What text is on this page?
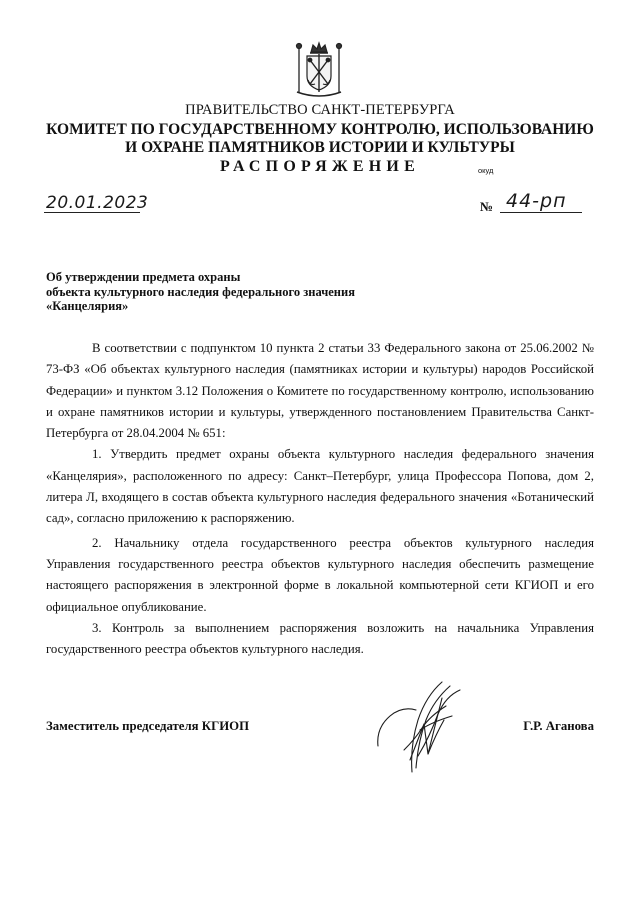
ПРАВИТЕЛЬСТВО САНКТ-ПЕТЕРБУРГА
КОМИТЕТ ПО ГОСУДАРСТВЕННОМУ КОНТРОЛЮ, ИСПОЛЬЗОВАНИЮ
И ОХРАНЕ ПАМЯТНИКОВ ИСТОРИИ И КУЛЬТУРЫ
РАСПОРЯЖЕНИЕ	окуд
20.01.2023	№ 44-рп
Об утверждении предмета охраны
объекта культурного наследия федерального значения
«Канцелярия»

В соответствии с подпунктом 10 пункта 2 статьи 33 Федерального закона от 25.06.2002 № 73-ФЗ «Об объектах культурного наследия (памятниках истории и культуры) народов Российской Федерации» и пунктом 3.12 Положения о Комитете по государственному контролю, использованию и охране памятников истории и культуры, утвержденного постановлением Правительства Санкт-Петербурга от 28.04.2004 № 651:

1. Утвердить предмет охраны объекта культурного наследия федерального значения «Канцелярия», расположенного по адресу: Санкт–Петербург, улица Профессора Попова, дом 2, литера Л, входящего в состав объекта культурного наследия федерального значения «Ботанический сад», согласно приложению к распоряжению.

2. Начальнику отдела государственного реестра объектов культурного наследия Управления государственного реестра объектов культурного наследия обеспечить размещение настоящего распоряжения в электронной форме в локальной компьютерной сети КГИОП и его официальное опубликование.

3. Контроль за выполнением распоряжения возложить на начальника Управления государственного реестра объектов культурного наследия.

Заместитель председателя КГИОП	Г.Р. Аганова
